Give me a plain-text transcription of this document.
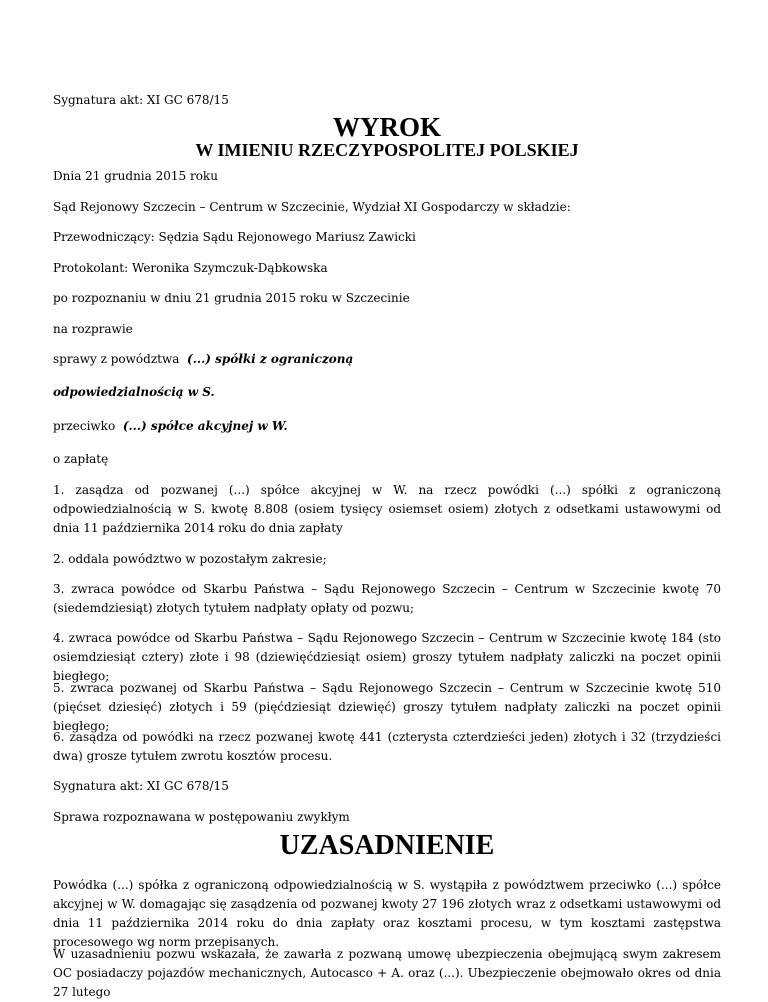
Sygnatura akt: XI GC 678/15

WYROK
W IMIENIU RZECZYPOSPOLITEJ POLSKIEJ

Dnia 21 grudnia 2015 roku

Sąd Rejonowy Szczecin – Centrum w Szczecinie, Wydział XI Gospodarczy w składzie:

Przewodniczący: Sędzia Sądu Rejonowego Mariusz Zawicki

Protokolant: Weronika Szymczuk-Dąbkowska

po rozpoznaniu w dniu 21 grudnia 2015 roku w Szczecinie

na rozprawie

sprawy z powództwa (...) spółki z ograniczoną

odpowiedzialnością w S.

przeciwko (...) spółce akcyjnej w W.

o zapłatę

1. zasądza od pozwanej (...) spółce akcyjnej w W. na rzecz powódki (...) spółki z ograniczoną odpowiedzialnością w S. kwotę 8.808 (osiem tysięcy osiemset osiem) złotych z odsetkami ustawowymi od dnia 11 października 2014 roku do dnia zapłaty

2. oddala powództwo w pozostałym zakresie;

3. zwraca powódce od Skarbu Państwa – Sądu Rejonowego Szczecin – Centrum w Szczecinie kwotę 70 (siedemdziesiąt) złotych tytułem nadpłaty opłaty od pozwu;

4. zwraca powódce od Skarbu Państwa – Sądu Rejonowego Szczecin – Centrum w Szczecinie kwotę 184 (sto osiemdziesiąt cztery) złote i 98 (dziewięćdziesiąt osiem) groszy tytułem nadpłaty zaliczki na poczet opinii biegłego;

5. zwraca pozwanej od Skarbu Państwa – Sądu Rejonowego Szczecin – Centrum w Szczecinie kwotę 510 (pięćset dziesięć) złotych i 59 (pięćdziesiąt dziewięć) groszy tytułem nadpłaty zaliczki na poczet opinii biegłego;

6. zasądza od powódki na rzecz pozwanej kwotę 441 (czterysta czterdzieści jeden) złotych i 32 (trzydzieści dwa) grosze tytułem zwrotu kosztów procesu.

Sygnatura akt: XI GC 678/15

Sprawa rozpoznawana w postępowaniu zwykłym

UZASADNIENIE

Powódka (...) spółka z ograniczoną odpowiedzialnością w S. wystąpiła z powództwem przeciwko (...) spółce akcyjnej w W. domagając się zasądzenia od pozwanej kwoty 27 196 złotych wraz z odsetkami ustawowymi od dnia 11 października 2014 roku do dnia zapłaty oraz kosztami procesu, w tym kosztami zastępstwa procesowego wg norm przepisanych.

W uzasadnieniu pozwu wskazała, że zawarła z pozwaną umowę ubezpieczenia obejmującą swym zakresem OC posiadaczy pojazdów mechanicznych, Autocasco + A. oraz (...). Ubezpieczenie obejmowało okres od dnia 27 lutego
